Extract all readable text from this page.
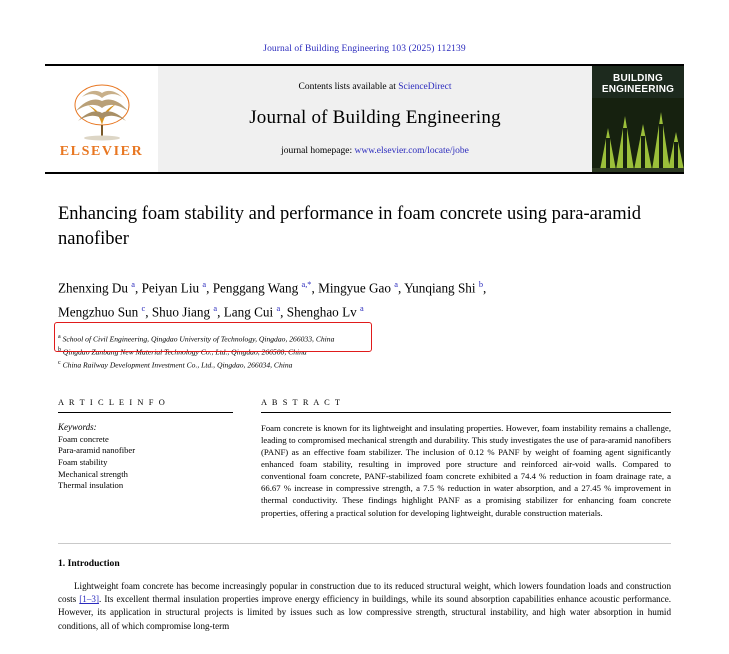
Journal of Building Engineering 103 (2025) 112139
ELSEVIER
Contents lists available at ScienceDirect
Journal of Building Engineering
journal homepage: www.elsevier.com/locate/jobe
BUILDING
ENGINEERING
Enhancing foam stability and performance in foam concrete using para-aramid nanofiber
Zhenxing Du $^a$, Peiyan Liu $^a$, Penggang Wang $^{a,*}$, Mingyue Gao $^a$, Yunqiang Shi $^b$,
Mengzhuo Sun $^c$, Shuo Jiang $^a$, Lang Cui $^a$, Shenghao Lv $^a$
$^a$ School of Civil Engineering, Qingdao University of Technology, Qingdao, 266033, China
$^b$ Qingdao Zanbang New Material Technology Co., Ltd., Qingdao, 266500, China
$^c$ China Railway Development Investment Co., Ltd., Qingdao, 266034, China
A R T I C L E I N F O
Keywords:
Foam concrete
Para-aramid nanofiber
Foam stability
Mechanical strength
Thermal insulation
A B S T R A C T
Foam concrete is known for its lightweight and insulating properties. However, foam instability remains a challenge, leading to compromised mechanical strength and durability. This study investigates the use of para-aramid nanofibers (PANF) as an effective foam stabilizer. The inclusion of 0.12 % PANF by weight of foaming agent significantly enhanced foam stability, resulting in improved pore structure and reinforced air-void walls. Compared to conventional foam concrete, PANF-stabilized foam concrete exhibited a 74.4 % reduction in foam drainage rate, a 66.67 % increase in compressive strength, a 7.5 % reduction in water absorption, and a 27.45 % improvement in thermal conductivity. These findings highlight PANF as a promising stabilizer for enhancing foam concrete properties, offering a practical solution for developing lightweight, durable construction materials.
1. Introduction
Lightweight foam concrete has become increasingly popular in construction due to its reduced structural weight, which lowers foundation loads and construction costs [1–3]. Its excellent thermal insulation properties improve energy efficiency in buildings, while its sound absorption capabilities enhance acoustic performance. However, its application in structural projects is limited by issues such as low compressive strength, structural instability, and high water absorption in humid conditions, all of which compromise long-term
